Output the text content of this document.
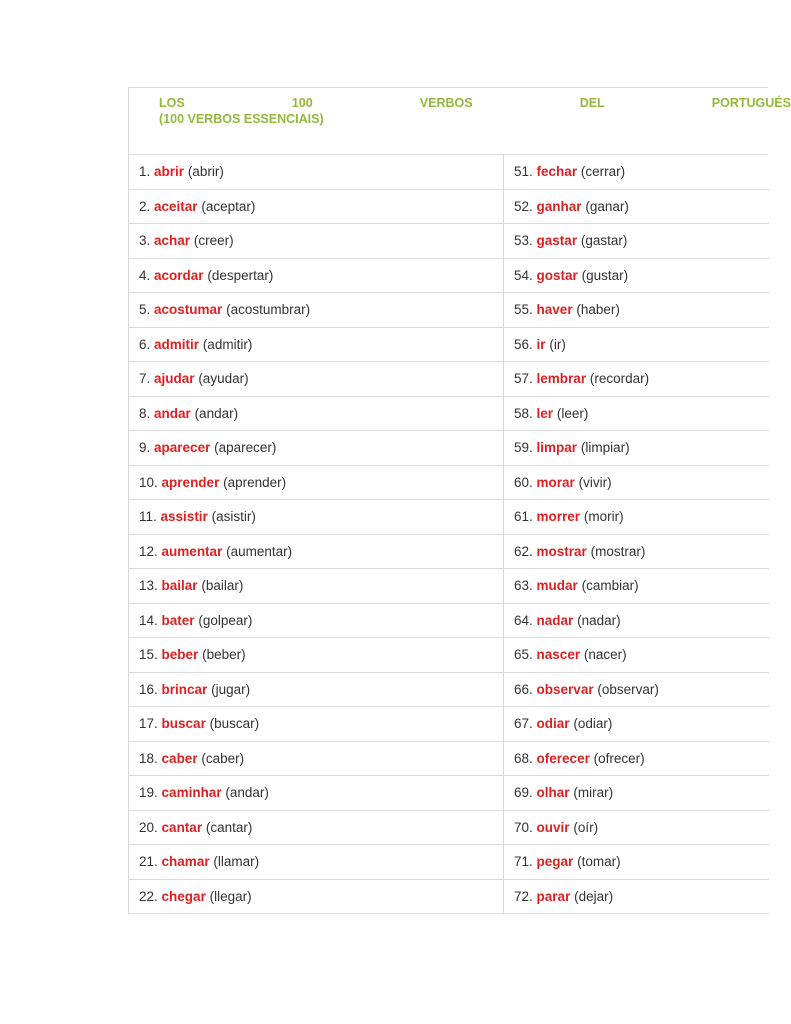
LOS	100	VERBOS	DEL	PORTUGUÉS
(100 VERBOS ESSENCIAIS)
1. abrir (abrir)	51. fechar (cerrar)
2. aceitar (aceptar)	52. ganhar (ganar)
3. achar (creer)	53. gastar (gastar)
4. acordar (despertar)	54. gostar (gustar)
5. acostumar (acostumbrar)	55. haver (haber)
6. admitir (admitir)	56. ir (ir)
7. ajudar (ayudar)	57. lembrar (recordar)
8. andar (andar)	58. ler (leer)
9. aparecer (aparecer)	59. limpar (limpiar)
10. aprender (aprender)	60. morar (vivir)
11. assistir (asistir)	61. morrer (morir)
12. aumentar (aumentar)	62. mostrar (mostrar)
13. bailar (bailar)	63. mudar (cambiar)
14. bater (golpear)	64. nadar (nadar)
15. beber (beber)	65. nascer (nacer)
16. brincar (jugar)	66. observar (observar)
17. buscar (buscar)	67. odiar (odiar)
18. caber (caber)	68. oferecer (ofrecer)
19. caminhar (andar)	69. olhar (mirar)
20. cantar (cantar)	70. ouvir (oír)
21. chamar (llamar)	71. pegar (tomar)
22. chegar (llegar)	72. parar (dejar)
